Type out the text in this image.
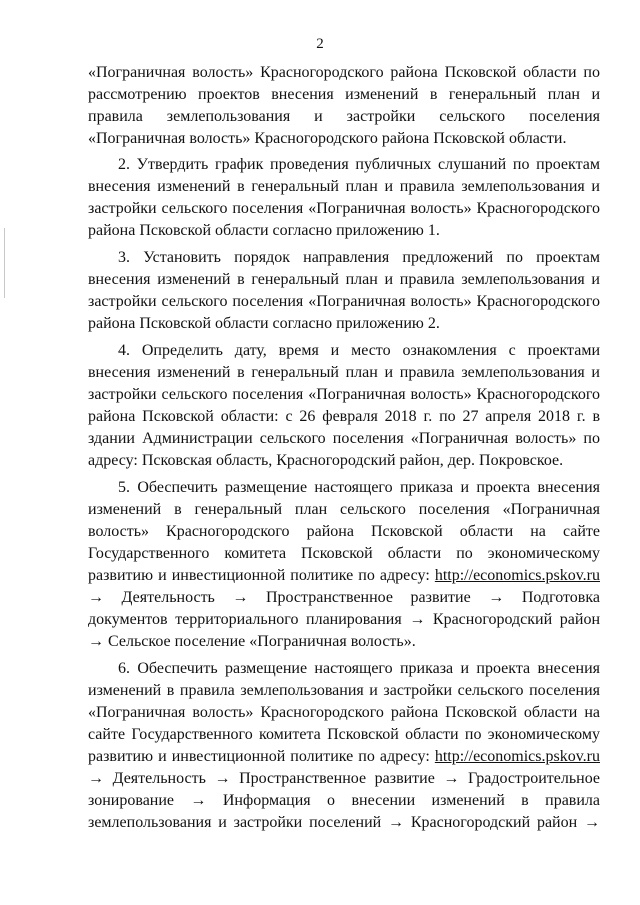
2
«Пограничная волость» Красногородского района Псковской области по
рассмотрению проектов внесения изменений в генеральный план и
правила землепользования и застройки сельского поселения
«Пограничная волость» Красногородского района Псковской области.
2. Утвердить график проведения публичных слушаний по проектам
внесения изменений в генеральный план и правила землепользования и
застройки сельского поселения «Пограничная волость» Красногородского
района Псковской области согласно приложению 1.
3. Установить порядок направления предложений по проектам
внесения изменений в генеральный план и правила землепользования и
застройки сельского поселения «Пограничная волость» Красногородского
района Псковской области согласно приложению 2.
4. Определить дату, время и место ознакомления с проектами
внесения изменений в генеральный план и правила землепользования и
застройки сельского поселения «Пограничная волость» Красногородского
района Псковской области: с 26 февраля 2018 г. по 27 апреля 2018 г. в
здании Администрации сельского поселения «Пограничная волость» по
адресу: Псковская область, Красногородский район, дер. Покровское.
5. Обеспечить размещение настоящего приказа и проекта внесения
изменений в генеральный план сельского поселения «Пограничная
волость» Красногородского района Псковской области на сайте
Государственного комитета Псковской области по экономическому
развитию и инвестиционной политике по адресу: http://economics.pskov.ru
→ Деятельность → Пространственное развитие → Подготовка
документов территориального планирования → Красногородский район
→ Сельское поселение «Пограничная волость».
6. Обеспечить размещение настоящего приказа и проекта внесения
изменений в правила землепользования и застройки сельского поселения
«Пограничная волость» Красногородского района Псковской области на
сайте Государственного комитета Псковской области по экономическому
развитию и инвестиционной политике по адресу: http://economics.pskov.ru
→ Деятельность → Пространственное развитие → Градостроительное
зонирование → Информация о внесении изменений в правила
землепользования и застройки поселений → Красногородский район →
